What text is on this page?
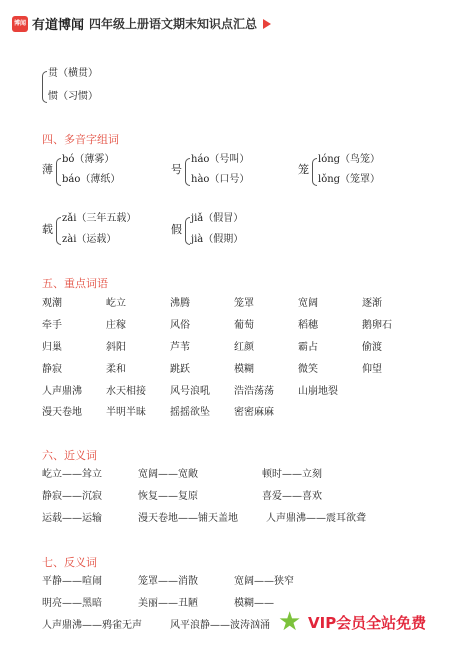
博闻 有道博闻 四年级上册语文期末知识点汇总
贯（横贯）
惯（习惯）
四、多音字组词
薄
bó（薄雾）
báo（薄纸）
号
háo（号叫）
hào（口号）
笼
lóng（鸟笼）
lǒng（笼罩）
载
zǎi（三年五载）
zài（运载）
假
jiǎ（假冒）
jià（假期）
五、重点词语
观潮	屹立	沸腾	笼罩	宽阔	逐渐
牵手	庄稼	风俗	葡萄	稻穗	鹅卵石
归巢	斜阳	芦苇	红颜	霸占	偷渡
静寂	柔和	跳跃	模糊	微笑	仰望
人声鼎沸 水天相接 风号浪吼 浩浩荡荡 山崩地裂
漫天卷地 半明半昧 摇摇欲坠 密密麻麻
六、近义词
屹立——耸立	宽阔——宽敞	顿时——立刻
静寂——沉寂	恢复——复原	喜爱——喜欢
运载——运输	漫天卷地——铺天盖地	人声鼎沸——震耳欲聋
七、反义词
平静——喧闹	笼罩——消散	宽阔——狭窄
明亮——黑暗	美丽——丑陋	模糊——
人声鼎沸——鸦雀无声	风平浪静——波涛汹涌 ★ VIP会员全站免费
